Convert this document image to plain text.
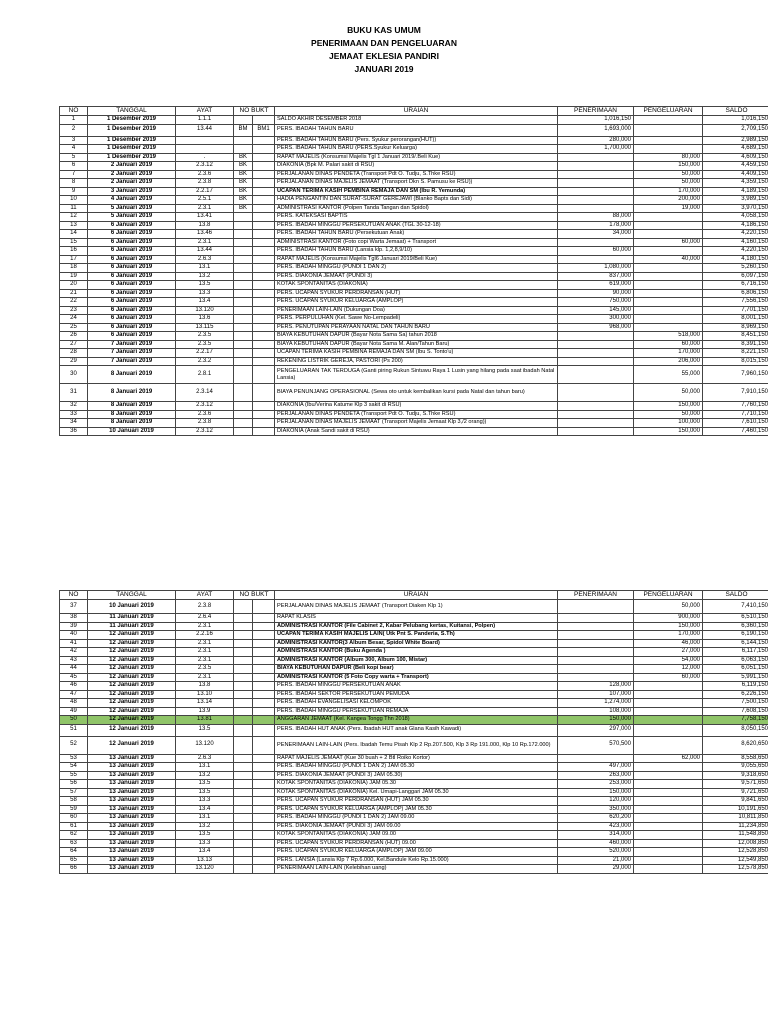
BUKU KAS UMUM
PENERIMAAN DAN PENGELUARAN
JEMAAT EKLESIA PANDIRI
JANUARI 2019
NO	TANGGAL	AYAT	NO BUKT		URAIAN	PENERIMAAN	PENGELUARAN	SALDO
1	1 Desember 2019	1.1.1			SALDO AKHIR DESEMBER 2018	1,016,150		1,016,150
2	1 Desember 2019	13.44	BM	BM1	PERS. IBADAH TAHUN BARU	1,693,000		2,709,150
3	1 Desember 2019				PERS. IBADAH TAHUN BARU (Pers. Syukur perorangan(HUT))	280,000		2,989,150
4	1 Desember 2019				PERS. IBADAH TAHUN BARU (PERS.Syukur Keluarga)	1,700,000		4,689,150
5	1 Desember 2019	.	BK		RAPAT MAJELIS (Konsumsi Majelis Tgl 1 Januari 2019/.Beli Kue)		80,000	4,609,150
6	2 Januari 2019	2.3.12	BK		DIAKONIA (Bpk M. Palari sakit di RSU)		150,000	4,459,150
7	2 Januari 2019	2.3.6	BK		PERJALANAN DINAS PENDETA (Transport Pdt O. Tudju, S.Thke RSU)		50,000	4,409,150
8	2 Januari 2019	2.3.8	BK		PERJALANAN DINAS MAJELIS JEMAAT (Transport Dkn S. Pamusu ke RSU))		50,000	4,359,150
9	3 Januari 2019	2.2.17	BK		UCAPAN TERIMA KASIH PEMBINA REMAJA DAN SM (Ibu R. Yemunda)		170,000	4,189,150
10	4 Januari 2019	2.5.1	BK		HADIA PENGANTIN DAN SURAT-SURAT GEREJAWI (Blanko Bapts dan Sidi)		200,000	3,989,150
11	5 Januari 2019	2.3.1	BK		ADMINISTRASI KANTOR (Polpen Tanda Tangan dan Spidol)		19,000	3,970,150
12	5 Januari 2019	13.41			PERS. KATEKSASI BAPTIS	88,000		4,058,150
13	6 Januari 2019	13.8			PERS. IBADAH MINGGU PERSEKUTUAN ANAK (TGL 30-12-18)	178,000		4,186,150
14	6 Januari 2019	13.46			PERS. IBADAH TAHUN BARU (Persekutuan Anak)	34,000		4,220,150
15	6 Januari 2019	2.3.1			ADMINISTRASI KANTOR (Foto copi Warta Jemaat) + Transport		60,000	4,160,150
16	6 Januari 2019	13.44			PERS. IBADAH TAHUN BARU (Lansia klp. 1,2,8,9/10)	60,000		4,220,150
17	6 Januari 2019	2.6.3			RAPAT MAJELIS (Konsumsi Majelis Tgl6 Januari 2019/Beli Kue)		40,000	4,180,150
18	6 Januari 2019	13.1			PERS. IBADAH MINGGU (PUNDI 1 DAN 2)	1,080,000		5,260,150
19	6 Januari 2019	13.2			PERS. DIAKONIA JEMAAT (PUNDI 3)	837,000		6,097,150
20	6 Januari 2019	13.5			KOTAK SPONTANITAS (DIAKONIA)	619,000		6,716,150
21	6 Januari 2019	13.3			PERS. UCAPAN SYUKUR PERDRANSAN (HUT)	90,000		6,806,150
22	6 Januari 2019	13.4			PERS. UCAPAN SYUKUR KELUARGA (AMPLOP)	750,000		7,556,150
23	6 Januari 2019	13.120			PENERIMAAN LAIN-LAIN (Dukungan Doa)	145,000		7,701,150
24	6 Januari 2019	13.6			PERS. PERPULUHAN (Kel. Sawe No-Lempadeli)	300,000		8,001,150
25	6 Januari 2019	13.115			PERS. PENUTUPAN PERAYAAN NATAL DAN TAHUN BARU	968,000		8,969,150
26	6 Januari 2019	2.3.5			BIAYA KEBUTUHAN DAPUR (Bayar Nota Sama Sa) tahun 2018		518,000	8,451,150
27	7 Januari 2019	2.3.5			BIAYA KEBUTUHAN DAPUR (Bayar Nota Sama M. Alan/Tahun Baru)		60,000	8,391,150
28	7 Januari 2019	2.2.17			UCAPAN TERIMA KASIH PEMBINA REMAJA DAN SM (Ibu S. Tonto'u)		170,000	8,221,150
29	7 Januari 2019	2.3.2			REKENING LISTRIK GEREJA, PASTORI (Ps 200)		206,000	8,015,150
30	8 Januari 2019	2.8.1			PENGELUARAN TAK TERDUGA (Ganti piring Rukun Sintuwu Raya 1 Lusin yang hilang pada saat ibadah Natal Lansia)		55,000	7,960,150
31	8 Januari 2019	2.3.14			BIAYA PENUNJANG OPERASIONAL (Sewa oto untuk kembalikan kursi pada Natal dan tahun baru)		50,000	7,910,150
32	8 Januari 2019	2.3.12			DIAKONIA (Ibu/Verina Katume Klp 3 sakit di RSU)		150,000	7,760,150
33	8 Januari 2019	2.3.6			PERJALANAN DINAS PENDETA (Transport Pdt O. Tudju, S.Thke RSU)		50,000	7,710,150
34	8 Januari 2019	2.3.8			PERJALANAN DINAS MAJELIS JEMAAT (Transport Majelis Jemaat Klp 3,/2 orang))		100,000	7,610,150
36	10 Januari 2019	2.3.12			DIAKONIA (Anak Sandi sakit di RSU)		150,000	7,460,150
NO	TANGGAL	AYAT	NO BUKT		URAIAN	PENERIMAAN	PENGELUARAN	SALDO
37	10 Januari 2019	2.3.8			PERJALANAN DINAS MAJELIS JEMAAT (Transport Diaken Klp 1)		50,000	7,410,150
38	11 Januari 2019	2.6.4			RAPAT KLASIS		900,000	6,510,150
39	11 Januari 2019	2.3.1			ADMINISTRASI KANTOR (File Cabinet 2, Kabar Pelubang kertas, Kuitansi, Polpen)		150,000	6,360,150
40	12 Januari 2019	2.2.16			UCAPAN TERIMA KASIH MAJELIS LAIN( Utk Pnt S. Panderia, S.Th)		170,000	6,190,150
41	12 Januari 2019	2.3.1			ADMINISTRASI KANTOR(3 Album Besar, Spidol White Board)		46,000	6,144,150
42	12 Januari 2019	2.3.1			ADMINISTRASI KANTOR (Buku Agenda )		27,000	6,117,150
43	12 Januari 2019	2.3.1			ADMINISTRASI KANTOR (Album 300, Album 100, Mistar)		54,000	6,063,150
44	12 Januari 2019	2.3.5			BIAYA KEBUTUHAN DAPUR (Beli kopi bear)		12,000	6,051,150
45	12 Januari 2019	2.3.1			ADMINISTRASI KANTOR (5 Foto Copy warta + Transport)		60,000	5,991,150
46	12 Januari 2019	13.8			PERS. IBADAH MINGGU PERSEKUTUAN ANAK	128,000		6,119,150
47	12 Januari 2019	13.10			PERS. IBADAH SEKTOR PERSEKUTUAN PEMUDA	107,000		6,226,150
48	12 Januari 2019	13.14			PERS. IBADAH EVANGELISASI KELOMPOK	1,274,000		7,500,150
49	12 Januari 2019	13.9			PERS. IBADAH MINGGU PERSEKUTUAN REMAJA	108,000		7,608,150
50	12 Januari 2019	13.81			ANGGARAN JEMAAT (Kel. Kangea Tongg Thn 2018)	150,000		7,758,150
51	12 Januari 2019	13.5			PERS. IBADAH HUT ANAK (Pers. Ibadah HUT anak Glana Kasih Kawadi)	297,000		8,050,150
52	12 Januari 2019	13.120			PENERIMAAN LAIN-LAIN (Pers. Ibadah Temu Pisah Klp 2 Rp.207.500, Klp 3 Rp 191.000, Klp 10 Rp.172.000)	570,500		8,620,650
53	13 Januari 2019	2.6.3			RAPAT MAJELIS JEMAAT (Kue 30 buah + 2 Btl Roiko Kortor)		62,000	8,558,650
54	13 Januari 2019	13.1			PERS. IBADAH MINGGU (PUNDI 1 DAN 2) JAM 05.30	497,000		9,055,650
55	13 Januari 2019	13.2			PERS. DIAKONIA JEMAAT (PUNDI 3) JAM 05.30)	263,000		9,318,650
56	13 Januari 2019	13.5			KOTAK SPONTANITAS (DIAKONIA) JAM 05.30	253,000		9,571,650
57	13 Januari 2019	13.5			KOTAK SPONTANITAS (DIAKONIA) Kel. Umapi-Langgari JAM 05.30	150,000		9,721,650
58	13 Januari 2019	13.3			PERS. UCAPAN SYUKUR PERDRANSAN (HUT) JAM 05.30	120,000		9,841,650
59	13 Januari 2019	13.4			PERS. UCAPAN SYUKUR KELUARGA (AMPLOP) JAM 05.30	350,000		10,191,650
60	13 Januari 2019	13.1			PERS. IBADAH MINGGU (PUNDI 1 DAN 2) JAM 09.00	620,200		10,811,850
61	13 Januari 2019	13.2			PERS. DIAKONIA JEMAAT (PUNDI 3) JAM 09.00	423,000		11,234,850
62	13 Januari 2019	13.5			KOTAK SPONTANITAS (DIAKONIA) JAM 09.00	314,000		11,548,850
63	13 Januari 2019	13.3			PERS. UCAPAN SYUKUR PERDRANSAN (HUT) 09.00	460,000		12,008,850
64	13 Januari 2019	13.4			PERS. UCAPAN SYUKUR KELUARGA (AMPLOP) JAM 09.00	520,000		12,528,850
65	13 Januari 2019	13.13			PERS. LANSIA (Lansia Klp 7 Rp.6.000, Kel.Bandule Kelo Rp.15.000)	21,000		12,549,850
66	13 Januari 2019	13.120			PENERIMAAN LAIN-LAIN (Kelebihan uang)	29,000		12,578,850
